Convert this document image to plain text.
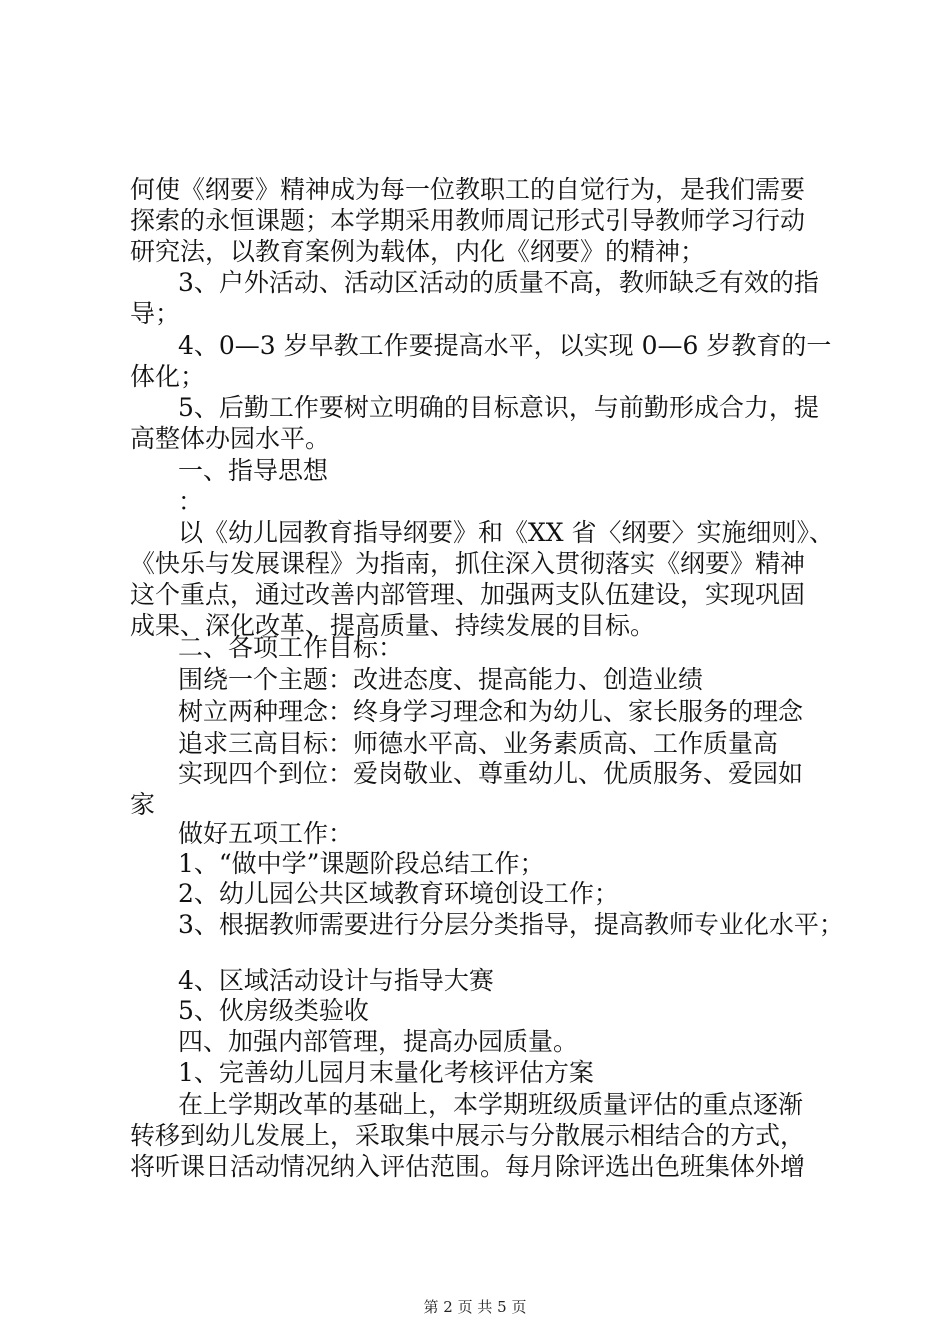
何使《纲要》精神成为每一位教职工的自觉行为，是我们需要
探索的永恒课题；本学期采用教师周记形式引导教师学习行动
研究法，以教育案例为载体，内化《纲要》的精神；
3、户外活动、活动区活动的质量不高，教师缺乏有效的指
导；
4、0—3 岁早教工作要提高水平，以实现 0—6 岁教育的一
体化；
5、后勤工作要树立明确的目标意识，与前勤形成合力，提
高整体办园水平。
一、指导思想
：
以《幼儿园教育指导纲要》和《XX 省〈纲要〉实施细则》、
《快乐与发展课程》为指南，抓住深入贯彻落实《纲要》精神
这个重点，通过改善内部管理、加强两支队伍建设，实现巩固
成果、深化改革、提高质量、持续发展的目标。
二、各项工作目标：
围绕一个主题：改进态度、提高能力、创造业绩
树立两种理念：终身学习理念和为幼儿、家长服务的理念
追求三高目标：师德水平高、业务素质高、工作质量高
实现四个到位：爱岗敬业、尊重幼儿、优质服务、爱园如
家
做好五项工作：
1、“做中学”课题阶段总结工作；
2、幼儿园公共区域教育环境创设工作；
3、根据教师需要进行分层分类指导，提高教师专业化水平；
4、区域活动设计与指导大赛
5、伙房级类验收
四、加强内部管理，提高办园质量。
1、完善幼儿园月末量化考核评估方案
在上学期改革的基础上，本学期班级质量评估的重点逐渐
转移到幼儿发展上，采取集中展示与分散展示相结合的方式，
将听课日活动情况纳入评估范围。每月除评选出色班集体外增
第 2 页 共 5 页
